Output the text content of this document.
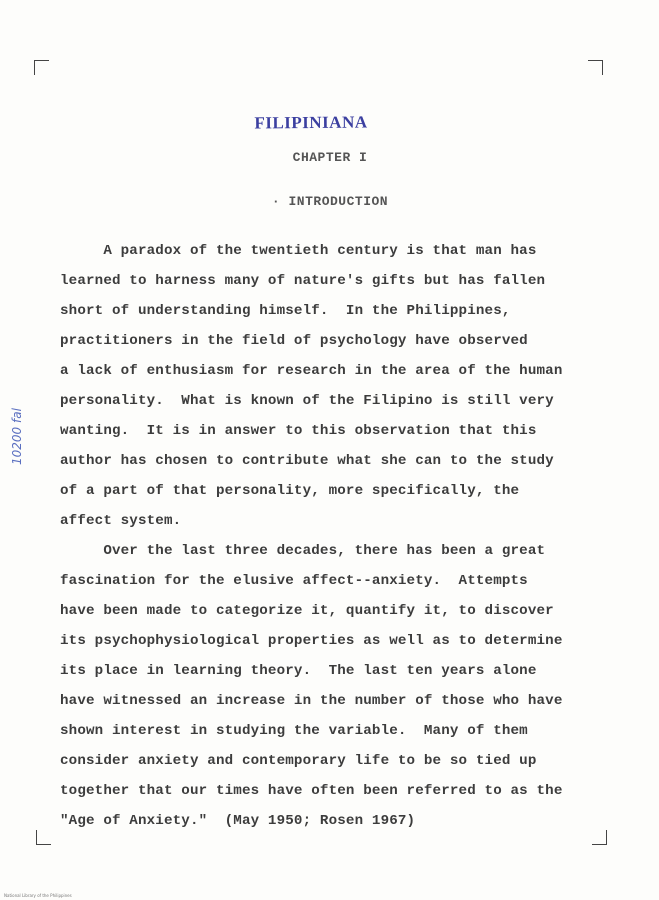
FILIPINIANA
CHAPTER I
· INTRODUCTION
10200 fal
A paradox of the twentieth century is that man has
learned to harness many of nature's gifts but has fallen
short of understanding himself.  In the Philippines,
practitioners in the field of psychology have observed
a lack of enthusiasm for research in the area of the human
personality.  What is known of the Filipino is still very
wanting.  It is in answer to this observation that this
author has chosen to contribute what she can to the study
of a part of that personality, more specifically, the
affect system.
Over the last three decades, there has been a great
fascination for the elusive affect--anxiety.  Attempts
have been made to categorize it, quantify it, to discover
its psychophysiological properties as well as to determine
its place in learning theory.  The last ten years alone
have witnessed an increase in the number of those who have
shown interest in studying the variable.  Many of them
consider anxiety and contemporary life to be so tied up
together that our times have often been referred to as the
"Age of Anxiety."  (May 1950; Rosen 1967)
National Library of the Philippines
